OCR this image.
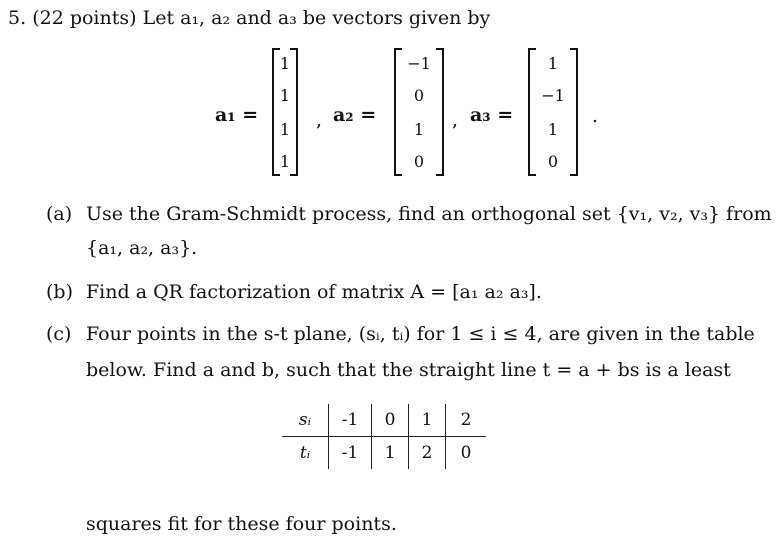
5. (22 points) Let a₁, a₂ and a₃ be vectors given by
a₁ =
1
1
1
1
, a₂ =
−1
0
1
0
, a₃ =
1
−1
1
0
.
(a) Use the Gram-Schmidt process, find an orthogonal set {v₁, v₂, v₃} from
{a₁, a₂, a₃}.
(b) Find a QR factorization of matrix A = [a₁ a₂ a₃].
(c) Four points in the s-t plane, (sᵢ, tᵢ) for 1 ≤ i ≤ 4, are given in the table
below. Find a and b, such that the straight line t = a + bs is a least
sᵢ	-1	0	1	2
tᵢ	-1	1	2	0
squares fit for these four points.
